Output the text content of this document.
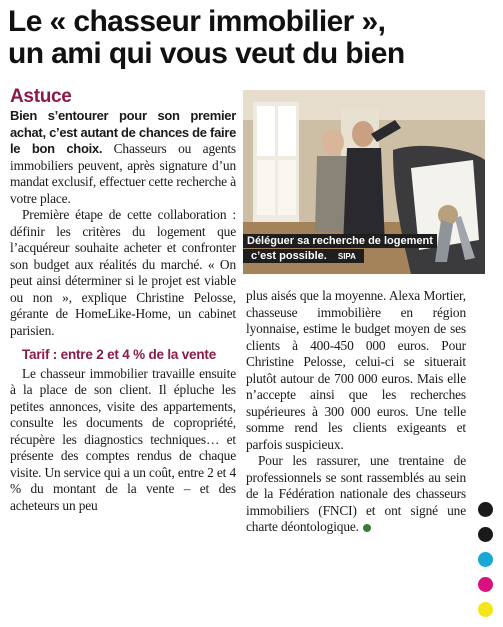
Le « chasseur immobilier »,
un ami qui vous veut du bien
Astuce

Bien s’entourer pour son premier achat, c’est autant de chances de faire le bon choix. Chasseurs ou agents immobiliers peuvent, après signature d’un mandat exclusif, effectuer cette recherche à votre place.

Première étape de cette collaboration : définir les critères du logement que l’acquéreur souhaite acheter et confronter son budget aux réalités du marché. « On peut ainsi déterminer si le projet est viable ou non », explique Christine Pelosse, gérante de HomeLike-Home, un cabinet parisien.

Tarif : entre 2 et 4 % de la vente

Le chasseur immobilier travaille ensuite à la place de son client. Il épluche les petites annonces, visite des appartements, consulte les documents de copropriété, récupère les diagnostics techniques… et présente des comptes rendus de chaque visite. Un service qui a un coût, entre 2 et 4 % du montant de la vente – et des acheteurs un peu

Déléguer sa recherche de logement
c’est possible. SIPA

plus aisés que la moyenne. Alexa Mortier, chasseuse immobilière en région lyonnaise, estime le budget moyen de ses clients à 400-450 000 euros. Pour Christine Pelosse, celui-ci se situerait plutôt autour de 700 000 euros. Mais elle n’accepte ainsi que les recherches supérieures à 300 000 euros. Une telle somme rend les clients exigeants et parfois suspicieux.

Pour les rassurer, une trentaine de professionnels se sont rassemblés au sein de la Fédération nationale des chasseurs immobiliers (FNCI) et ont signé une charte déontologique.
